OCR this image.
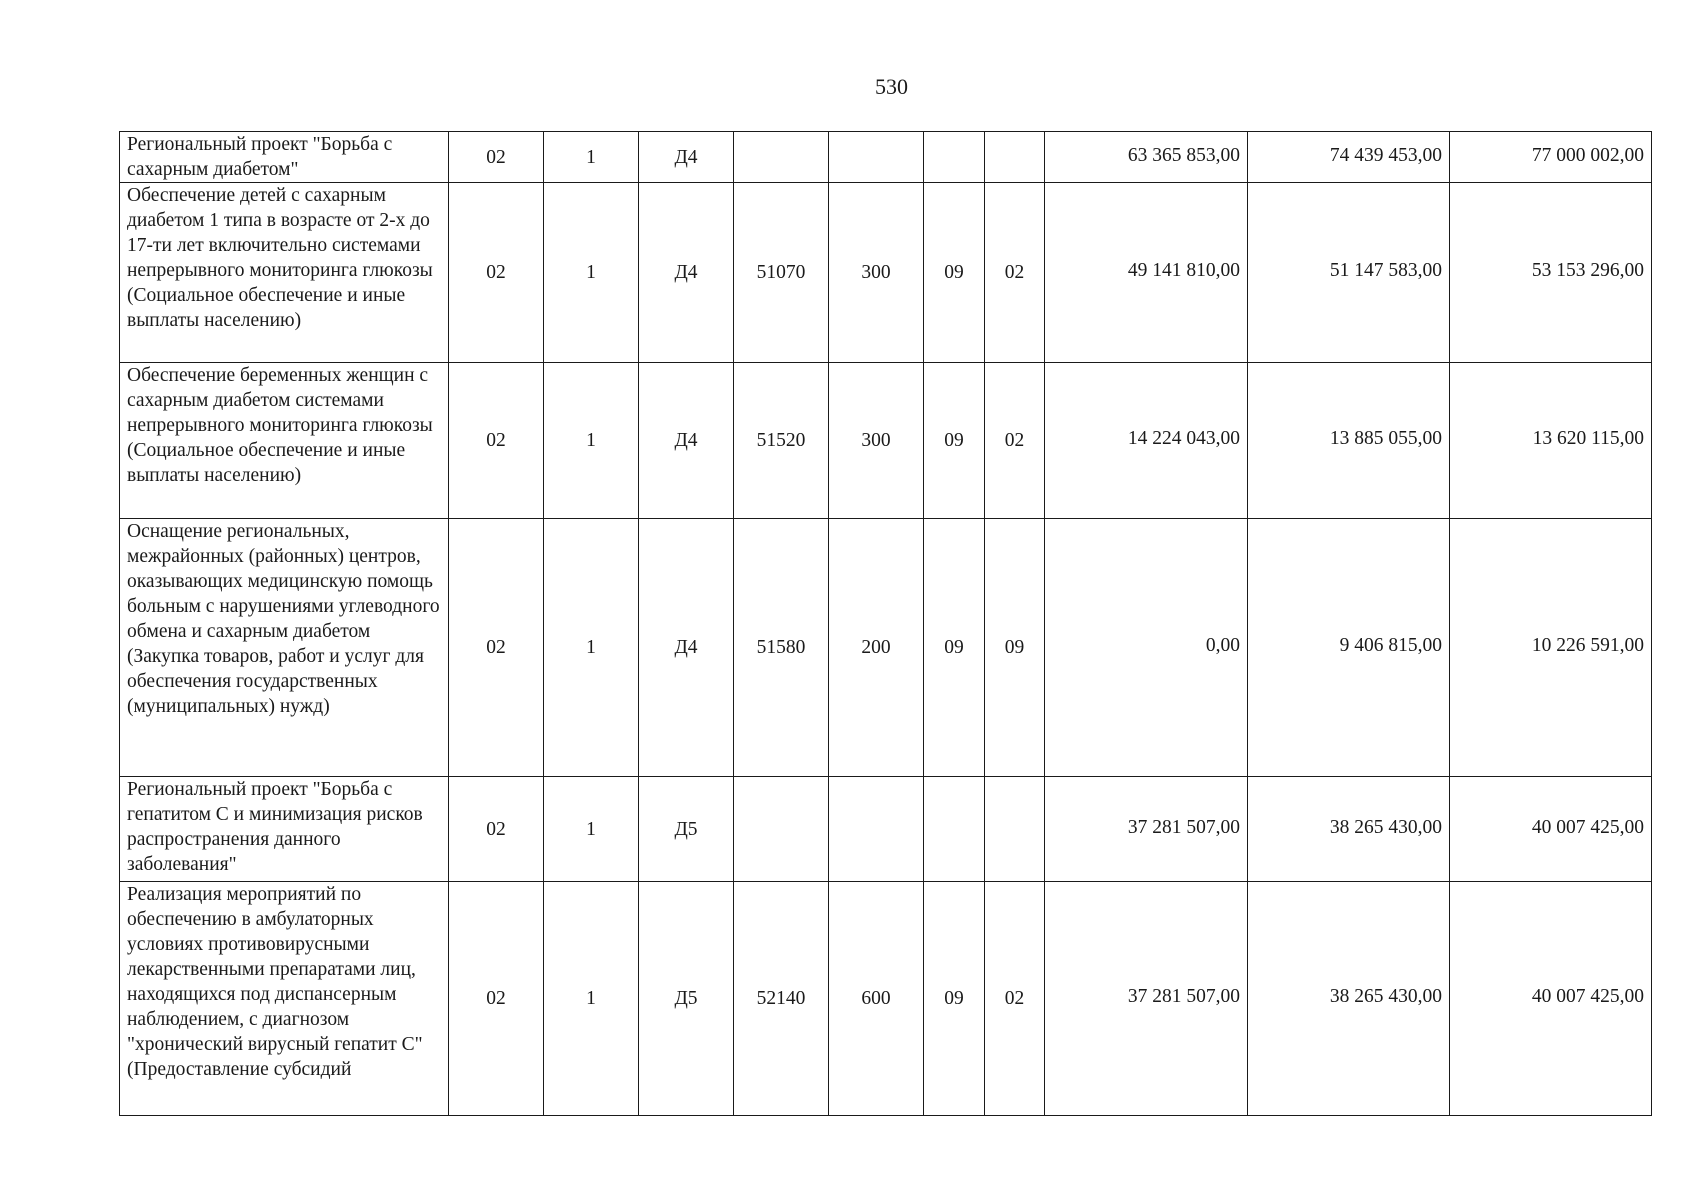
530
Региональный проект "Борьба с сахарным диабетом"	02	1	Д4					63 365 853,00	74 439 453,00	77 000 002,00
Обеспечение детей с сахарным диабетом 1 типа в возрасте от 2-х до 17-ти лет включительно системами непрерывного мониторинга глюкозы (Социальное обеспечение и иные выплаты населению)	02	1	Д4	51070	300	09	02	49 141 810,00	51 147 583,00	53 153 296,00
Обеспечение беременных женщин с сахарным диабетом системами непрерывного мониторинга глюкозы (Социальное обеспечение и иные выплаты населению)	02	1	Д4	51520	300	09	02	14 224 043,00	13 885 055,00	13 620 115,00
Оснащение региональных, межрайонных (районных) центров, оказывающих медицинскую помощь больным с нарушениями углеводного обмена и сахарным диабетом (Закупка товаров, работ и услуг для обеспечения государственных (муниципальных) нужд)	02	1	Д4	51580	200	09	09	0,00	9 406 815,00	10 226 591,00
Региональный проект "Борьба с гепатитом С и минимизация рисков распространения данного заболевания"	02	1	Д5					37 281 507,00	38 265 430,00	40 007 425,00
Реализация мероприятий по обеспечению в амбулаторных условиях противовирусными лекарственными препаратами лиц, находящихся под диспансерным наблюдением, с диагнозом "хронический вирусный гепатит С" (Предоставление субсидий	02	1	Д5	52140	600	09	02	37 281 507,00	38 265 430,00	40 007 425,00
